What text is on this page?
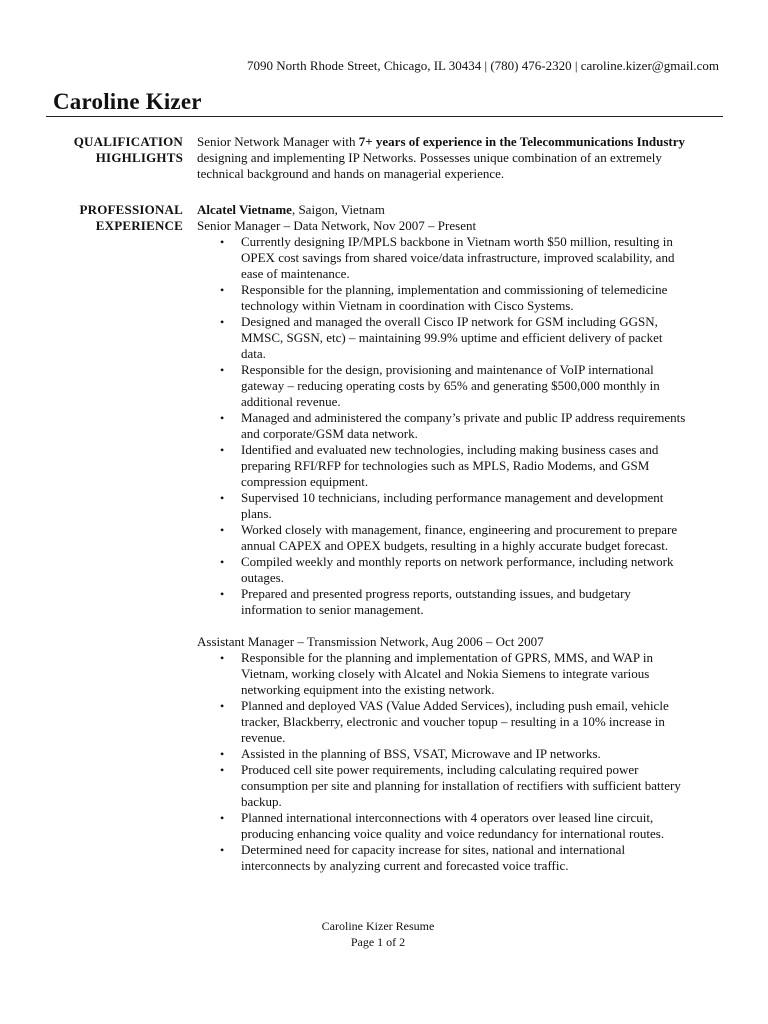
7090 North Rhode Street, Chicago, IL 30434 | (780) 476-2320 | caroline.kizer@gmail.com
Caroline Kizer
QUALIFICATION
HIGHLIGHTS
Senior Network Manager with 7+ years of experience in the Telecommunications Industry
designing and implementing IP Networks. Possesses unique combination of an extremely
technical background and hands on managerial experience.
PROFESSIONAL
EXPERIENCE
Alcatel Vietname, Saigon, Vietnam
Senior Manager – Data Network, Nov 2007 – Present
• Currently designing IP/MPLS backbone in Vietnam worth $50 million, resulting in
OPEX cost savings from shared voice/data infrastructure, improved scalability, and
ease of maintenance.
• Responsible for the planning, implementation and commissioning of telemedicine
technology within Vietnam in coordination with Cisco Systems.
• Designed and managed the overall Cisco IP network for GSM including GGSN,
MMSC, SGSN, etc) – maintaining 99.9% uptime and efficient delivery of packet
data.
• Responsible for the design, provisioning and maintenance of VoIP international
gateway – reducing operating costs by 65% and generating $500,000 monthly in
additional revenue.
• Managed and administered the company’s private and public IP address requirements
and corporate/GSM data network.
• Identified and evaluated new technologies, including making business cases and
preparing RFI/RFP for technologies such as MPLS, Radio Modems, and GSM
compression equipment.
• Supervised 10 technicians, including performance management and development
plans.
• Worked closely with management, finance, engineering and procurement to prepare
annual CAPEX and OPEX budgets, resulting in a highly accurate budget forecast.
• Compiled weekly and monthly reports on network performance, including network
outages.
• Prepared and presented progress reports, outstanding issues, and budgetary
information to senior management.
Assistant Manager – Transmission Network, Aug 2006 – Oct 2007
• Responsible for the planning and implementation of GPRS, MMS, and WAP in
Vietnam, working closely with Alcatel and Nokia Siemens to integrate various
networking equipment into the existing network.
• Planned and deployed VAS (Value Added Services), including push email, vehicle
tracker, Blackberry, electronic and voucher topup – resulting in a 10% increase in
revenue.
• Assisted in the planning of BSS, VSAT, Microwave and IP networks.
• Produced cell site power requirements, including calculating required power
consumption per site and planning for installation of rectifiers with sufficient battery
backup.
• Planned international interconnections with 4 operators over leased line circuit,
producing enhancing voice quality and voice redundancy for international routes.
• Determined need for capacity increase for sites, national and international
interconnects by analyzing current and forecasted voice traffic.
Caroline Kizer Resume
Page 1 of 2
